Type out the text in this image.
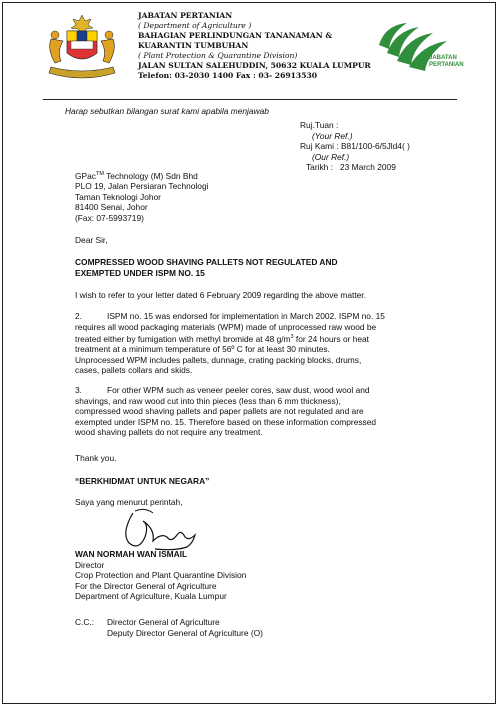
JABATAN PERTANIAN
( Department of Agriculture )
BAHAGIAN PERLINDUNGAN TANANAMAN & KUARANTIN TUMBUHAN
( Plant Protection & Quarantine Division)
JALAN SULTAN SALEHUDDIN, 50632 KUALA LUMPUR
Telefon: 03-2030 1400 Fax : 03- 26913530
JABATAN
PERTANIAN
Harap sebutkan bilangan surat kami apabila menjawab

Ruj.Tuan :

(Your Ref.)

Ruj Kami : B81/100-6/5Jld4( )

(Our Ref.)

Tarikh : 23 March 2009

GPac™ Technology (M) Sdn Bhd

PLO 19, Jalan Persiaran Technologi

Taman Teknologi Johor

81400 Senai, Johor

(Fax: 07-5993719)

Dear Sir,

COMPRESSED WOOD SHAVING PALLETS NOT REGULATED AND

EXEMPTED UNDER ISPM NO. 15

I wish to refer to your letter dated 6 February 2009 regarding the above matter.

2.	ISPM no. 15 was endorsed for implementation in March 2002. ISPM no. 15

requires all wood packaging materials (WPM) made of unprocessed raw wood be

treated either by fumigation with methyl bromide at 48 $g/m^3$ for 24 hours or heat

treatment at a minimum temperature of 56º C for at least 30 minutes.

Unprocessed WPM includes pallets, dunnage, crating packing blocks, drums,

cases, pallets collars and skids.

3.	For other WPM such as veneer peeler cores, saw dust, wood wool and

shavings, and raw wood cut into thin pieces (less than 6 mm thickness),

compressed wood shaving pallets and paper pallets are not regulated and are

exempted under ISPM no. 15. Therefore based on these information compressed

wood shaving pallets do not require any treatment.

Thank you.
“BERKHIDMAT UNTUK NEGARA”
Saya yang menurut perintah,

WAN NORMAH WAN ISMAIL

Director

Crop Protection and Plant Quarantine Division

For the Director General of Agriculture

Department of Agriculture, Kuala Lumpur

C.C.: Director General of Agriculture

Deputy Director General of Agriculture (O)
